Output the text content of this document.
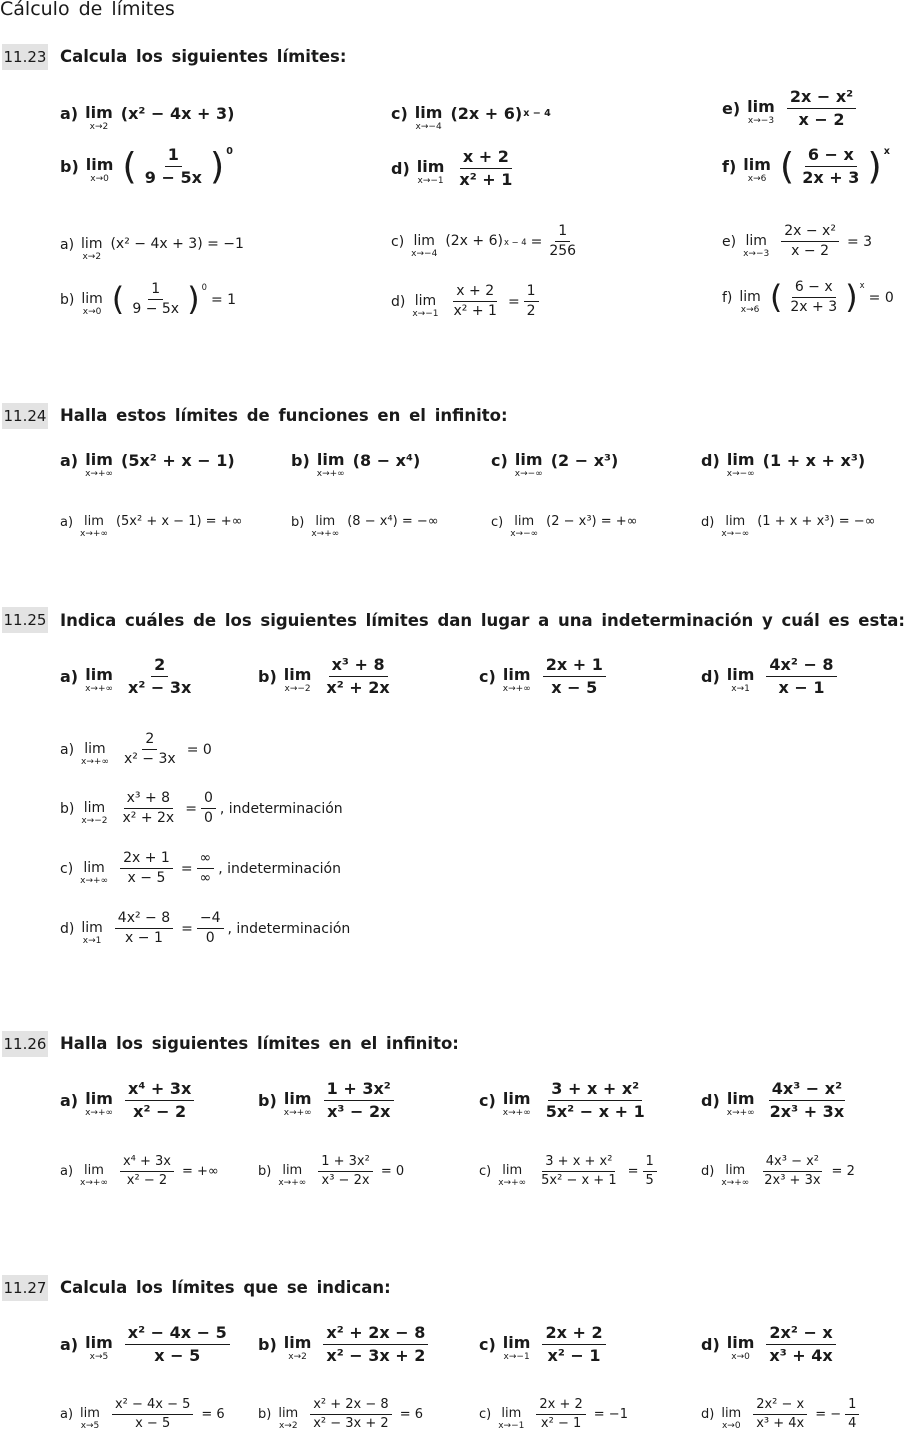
Cálculo de límites
11.23 Calcula los siguientes límites:
a) lim
x→2
(x² − 4x + 3)
b) lim
x→0 ( $\frac{1}{9 - 5x}$ ) 0
c) lim
x→−4
(2x + 6) x − 4
d) lim
$x\to-1 \frac{x + 2}{\text{x² + 1}}$
e) lim
$x\to-3 \frac{\text{2x − x²}}{x - 2}$
f) lim
x→6 ( $\frac{6 - x}{2x + 3}$ ) x
a) lim
x→2
(x² − 4x + 3) = −1
b) lim
x→0 ( $\frac{1}{9 - 5x}$ ) 0
= 1
c) lim
x→−4
(2x + 6) $x - 4 = \frac{1}{256}$
d) lim
$x\to-1 \frac{x + 2}{\text{x² + 1}} = \frac{1}{2}$
e) lim
$x\to-3 \frac{\text{2x − x²}}{x - 2} = 3$
f) lim
x→6 ( $\frac{6 - x}{2x + 3}$ ) x
= 0
11.24 Halla estos límites de funciones en el infinito:
a) lim
x→+∞
(5x² + x − 1)	b) lim
x→+∞
(8 − x⁴)	c) lim
x→−∞
(2 − x³)	d) lim
x→−∞
(1 + x + x³)
a) lim
x→+∞
(5x² + x − 1) = +∞	b) lim
x→+∞
(8 − x⁴) = −∞	c) lim
x→−∞
(2 − x³) = +∞	d) lim
x→−∞
(1 + x + x³) = −∞
11.25 Indica cuáles de los siguientes límites dan lugar a una indeterminación y cuál es esta:
a) lim
$x\to+\infty \frac{2}{\text{x² − 3x}}$	b) lim
$x\to-2 \frac{\text{x³ + 8}}{\text{x² + 2x}}$	c) lim
$x\to+\infty \frac{2x + 1}{x - 5}$	d) lim
$x\to 1 \frac{\text{4x² − 8}}{x - 1}$
a) lim
$x\to+\infty \frac{2}{\text{x² − 3x}} = 0$
b) lim
$x\to-2 \frac{\text{x³ + 8}}{\text{x² + 2x}} = \frac{0}{0}$ , indeterminación
c) lim
$x\to+\infty \frac{2x + 1}{x - 5} = \frac{\infty}{\infty}$ , indeterminación
d) lim
$x\to 1 \frac{\text{4x² − 8}}{x - 1} = \frac{-4}{0}$ , indeterminación
11.26 Halla los siguientes límites en el infinito:
a) lim
$x\to+\infty \frac{\text{x⁴ + 3x}}{\text{x² − 2}}$	b) lim
$x\to+\infty \frac{\text{1 + 3x²}}{\text{x³ − 2x}}$	c) lim
$x\to+\infty \frac{\text{3 + x + x²}}{\text{5x² − x + 1}}$	d) lim
$x\to+\infty \frac{\text{4x³ − x²}}{\text{2x³ + 3x}}$
a) lim
$x\to+\infty \frac{\text{x⁴ + 3x}}{\text{x² − 2}}$ = +∞	b) lim
$x\to+\infty \frac{\text{1 + 3x²}}{\text{x³ − 2x}} = 0$	c) lim
$x\to+\infty \frac{\text{3 + x + x²}}{\text{5x² − x + 1}} = \frac{1}{5}$	d) lim
$x\to+\infty \frac{\text{4x³ − x²}}{\text{2x³ + 3x}} = 2$
11.27 Calcula los límites que se indican:
a) lim
$x\to 5 \frac{\text{x² − 4x − 5}}{x - 5} b$) lim
$x\to 2 \frac{\text{x² + 2x − 8}}{\text{x² − 3x + 2}}$	c) lim
$x\to-1 \frac{2x + 2}{\text{x² − 1}}$	d) lim
$x\to 0 \frac{\text{2x² − x}}{\text{x³ + 4x}}$
a) lim
$x\to 5 \frac{\text{x² − 4x − 5}}{x - 5} = 6$	b) lim
$x\to 2 \frac{\text{x² + 2x − 8}}{\text{x² − 3x + 2}} = 6$	c) lim
$x\to-1 \frac{2x + 2}{\text{x² − 1}} = -1$	d) lim
$x\to 0 \frac{\text{2x² − x}}{\text{x³ + 4x}}$ = − $\frac{1}{4}$
